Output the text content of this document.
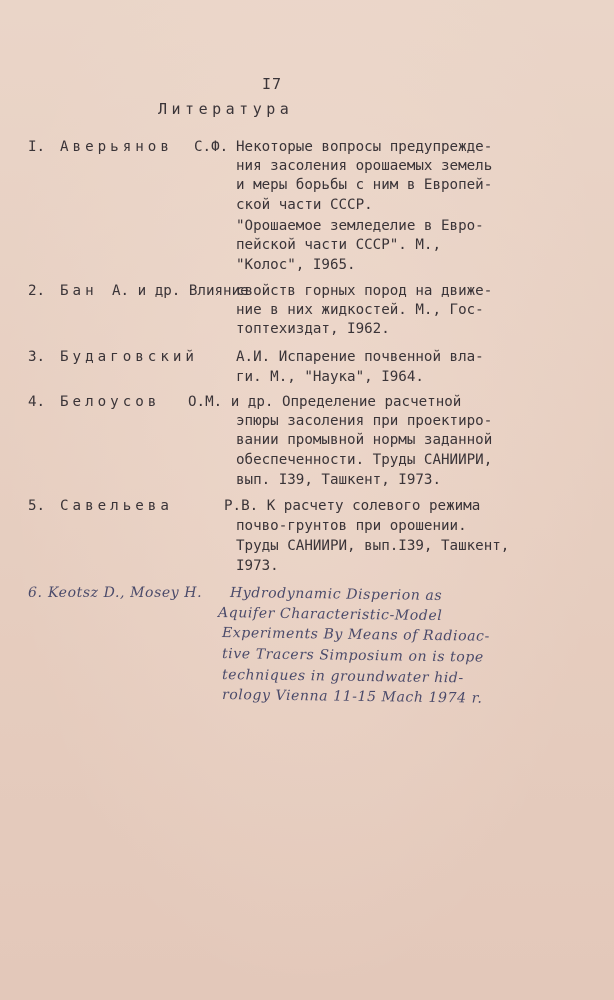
I7
Литература
I. Аверьянов С.Ф. Некоторые вопросы предупрежде-
ния засоления орошаемых земель
и меры борьбы с ним в Европей-
ской части СССР.
"Орошаемое земледелие в Евро-
пейской части СССР". М.,
"Колос", I965.
2. Бан А. и др. Влияние
свойств горных пород на движе-
ние в них жидкостей. М., Гос-
топтехиздат, I962.
3. Будаговский	А.И. Испарение почвенной вла-
ги. М., "Наука", I964.
4. Белоусов О.М. и др. Определение расчетной
эпюры засоления при проектиро-
вании промывной нормы заданной
обеспеченности. Труды САНИИРИ,
вып. I39, Ташкент, I973.
5. Савельева	Р.В. К расчету солевого режима
почво-грунтов при орошении.
Труды САНИИРИ, вып.I39, Ташкент,
I973.
6. Keotsz D., Mosey H. Hydrodynamic Disperion as
Aquifer Characteristic-Model
Experiments By Means of Radioac-
tive Tracers Simposium on is tope
techniques in groundwater hid-
rology Vienna 11-15 Mach 1974 r.
